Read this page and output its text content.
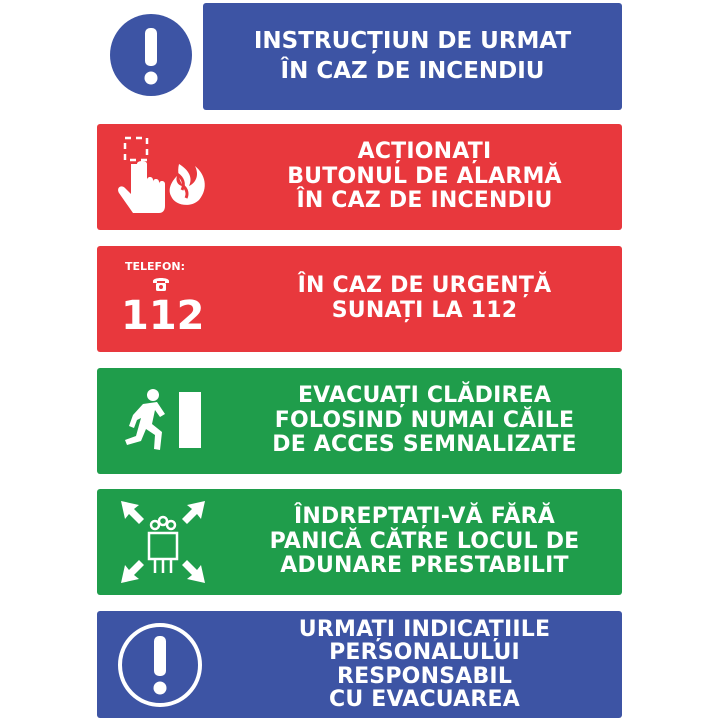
INSTRUCȚIUN DE URMAT
ÎN CAZ DE INCENDIU
ACȚIONAȚI
BUTONUL DE ALARMĂ
ÎN CAZ DE INCENDIU
TELEFON:
112
ÎN CAZ DE URGENȚĂ
SUNAȚI LA 112
EVACUAȚI CLĂDIREA
FOLOSIND NUMAI CĂILE
DE ACCES SEMNALIZATE
ÎNDREPTAȚI-VĂ FĂRĂ
PANICĂ CĂTRE LOCUL DE
ADUNARE PRESTABILIT
URMAȚI INDICAȚIILE
PERSONALULUI
RESPONSABIL
CU EVACUAREA
